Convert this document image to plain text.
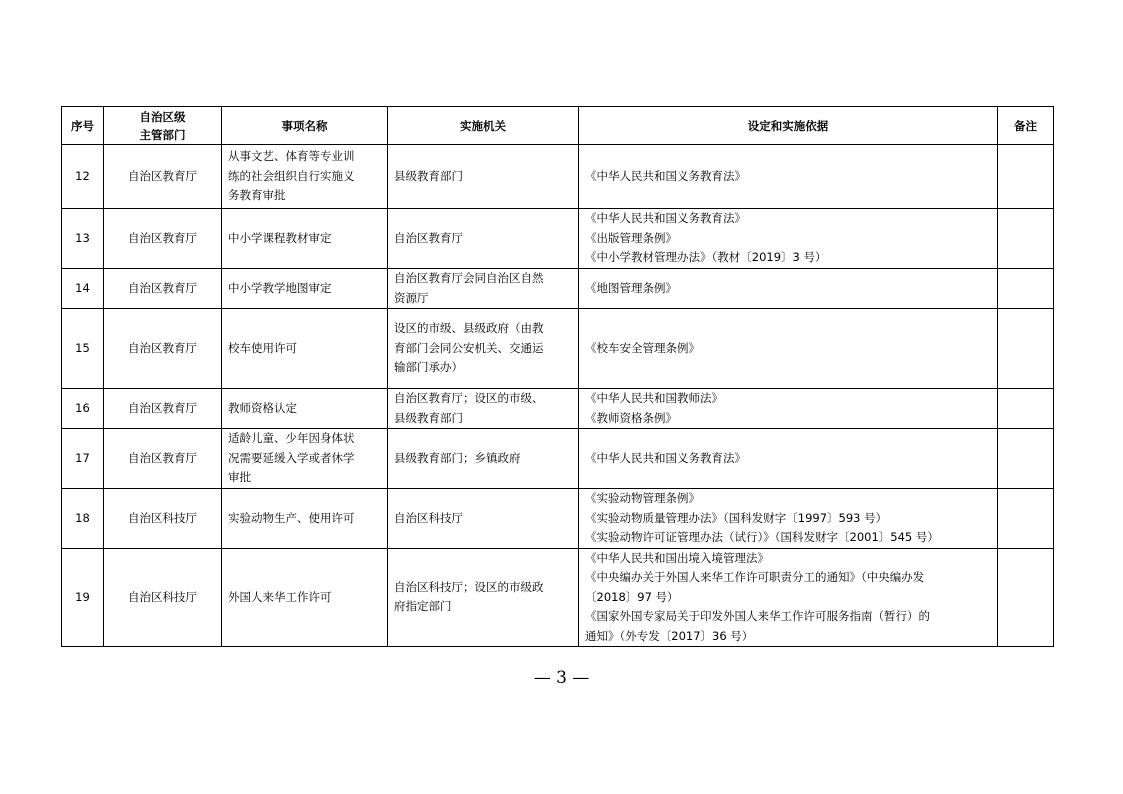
序号	自治区级
主管部门	事项名称	实施机关	设定和实施依据	备注
12	自治区教育厅	从事文艺、体育等专业训
练的社会组织自行实施义
务教育审批	县级教育部门	《中华人民共和国义务教育法》	

13	自治区教育厅	中小学课程教材审定	自治区教育厅	《中华人民共和国义务教育法》
《出版管理条例》
《中小学教材管理办法》（教材〔2019〕3 号）	

14	自治区教育厅	中小学教学地图审定	自治区教育厅会同自治区自然
资源厅	《地图管理条例》	

15	自治区教育厅	校车使用许可	设区的市级、县级政府（由教
育部门会同公安机关、交通运
输部门承办）	《校车安全管理条例》	

16	自治区教育厅	教师资格认定	自治区教育厅；设区的市级、
县级教育部门	《中华人民共和国教师法》
《教师资格条例》	

17	自治区教育厅	适龄儿童、少年因身体状
况需要延缓入学或者休学
审批	县级教育部门；乡镇政府	《中华人民共和国义务教育法》	

18	自治区科技厅	实验动物生产、使用许可	自治区科技厅	《实验动物管理条例》
《实验动物质量管理办法》（国科发财字〔1997〕593 号）
《实验动物许可证管理办法（试行）》（国科发财字〔2001〕545 号）	

19	自治区科技厅	外国人来华工作许可	自治区科技厅；设区的市级政
府指定部门	《中华人民共和国出境入境管理法》
《中央编办关于外国人来华工作许可职责分工的通知》（中央编办发
〔2018〕97 号）
《国家外国专家局关于印发外国人来华工作许可服务指南（暂行）的
通知》（外专发〔2017〕36 号）	

— 3 —
